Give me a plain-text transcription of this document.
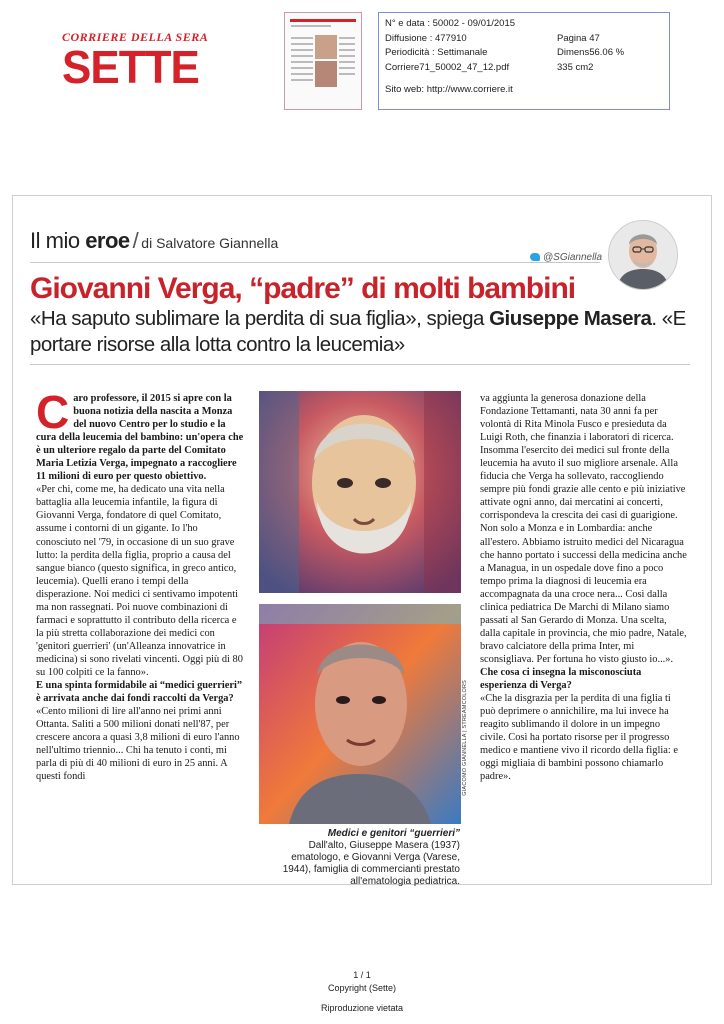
CORRIERE DELLA SERA
SETTE
N° e data : 50002 - 09/01/2015
Diffusione : 477910	Pagina 47
Periodicità : Settimanale	Dimens56.06 %
Corriere71_50002_47_12.pdf	335 cm2
Sito web: http://www.corriere.it
Il mio eroe / di Salvatore Giannella
@SGiannella
Giovanni Verga, “padre” di molti bambini
«Ha saputo sublimare la perdita di sua figlia», spiega Giuseppe Masera. «E portare risorse alla lotta contro la leucemia»

Caro professore, il 2015 si apre con la buona notizia della nascita a Monza del nuovo Centro per lo studio e la cura della leucemia del bambino: un'opera che è un ulteriore regalo da parte del Comitato Maria Letizia Verga, impegnato a raccogliere 11 milioni di euro per questo obiettivo.

«Per chi, come me, ha dedicato una vita nella battaglia alla leucemia infantile, la figura di Giovanni Verga, fondatore di quel Comitato, assume i contorni di un gigante. Io l'ho conosciuto nel '79, in occasione di un suo grave lutto: la perdita della figlia, proprio a causa del sangue bianco (questo significa, in greco antico, leucemia). Quelli erano i tempi della disperazione. Noi medici ci sentivamo impotenti ma non rassegnati. Poi nuove combinazioni di farmaci e soprattutto il contributo della ricerca e la più stretta collaborazione dei medici con 'genitori guerrieri' (un'Alleanza innovatrice in medicina) si sono rivelati vincenti. Oggi più di 80 su 100 colpiti ce la fanno».

E una spinta formidabile ai “medici guerrieri” è arrivata anche dai fondi raccolti da Verga?

«Cento milioni di lire all'anno nei primi anni Ottanta. Saliti a 500 milioni donati nell'87, per crescere ancora a quasi 3,8 milioni di euro l'anno nell'ultimo triennio... Chi ha tenuto i conti, mi parla di più di 40 milioni di euro in 25 anni. A questi fondi	GIACOMO GIANNELLA | STREAMCOLORS
Medici e genitori “guerrieri”
Dall'alto, Giuseppe Masera (1937) ematologo, e Giovanni Verga (Varese, 1944), famiglia di commercianti prestato all'ematologia pediatrica.

va aggiunta la generosa donazione della Fondazione Tettamanti, nata 30 anni fa per volontà di Rita Minola Fusco e presieduta da Luigi Roth, che finanzia i laboratori di ricerca. Insomma l'esercito dei medici sul fronte della leucemia ha avuto il suo migliore arsenale. Alla fiducia che Verga ha sollevato, raccogliendo sempre più fondi grazie alle cento e più iniziative attivate ogni anno, dai mercatini ai concerti, corrispondeva la crescita dei casi di guarigione. Non solo a Monza e in Lombardia: anche all'estero. Abbiamo istruito medici del Nicaragua che hanno portato i successi della medicina anche a Managua, in un ospedale dove fino a poco tempo prima la diagnosi di leucemia era accompagnata da una croce nera... Così dalla clinica pediatrica De Marchi di Milano siamo passati al San Gerardo di Monza. Una scelta, dalla capitale in provincia, che mio padre, Natale, bravo calciatore della prima Inter, mi sconsigliava. Per fortuna ho visto giusto io...».

Che cosa ci insegna la misconosciuta esperienza di Verga?

«Che la disgrazia per la perdita di una figlia ti può deprimere o annichilire, ma lui invece ha reagito sublimando il dolore in un impegno civile. Così ha portato risorse per il progresso medico e mantiene vivo il ricordo della figlia: e oggi migliaia di bambini possono chiamarlo padre».

1 / 1
Copyright (Sette)
Riproduzione vietata
